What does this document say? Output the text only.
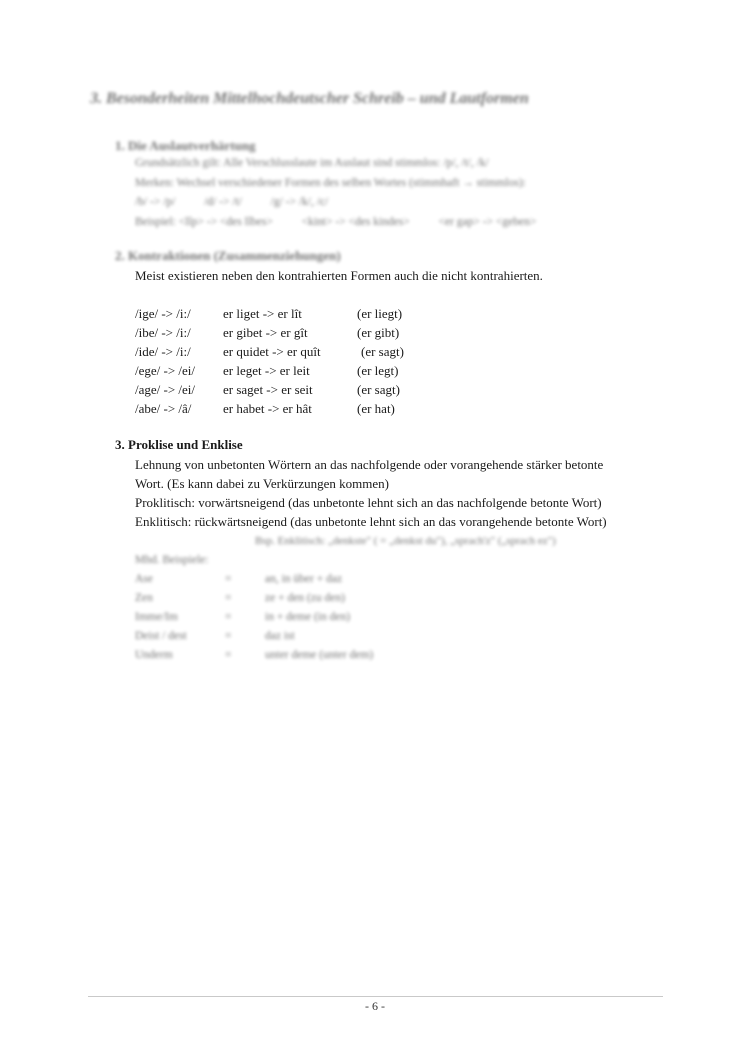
3. Besonderheiten Mittelhochdeutscher Schreib – und Lautformen
1. Die Auslautverhärtung
Grundsätzlich gilt: Alle Verschlusslaute im Auslaut sind stimmlos: /p/, /t/, /k/
Merken: Wechsel verschiedener Formen des selben Wortes (stimmhaft → stimmlos):
/b/ -> /p/          /d/ -> /t/          /g/ -> /k/, /c/
Beispiel: <lîp> -> <des lîbes>          <kint> -> <des kindes>          <er gap> -> <geben>
2. Kontraktionen (Zusammenziehungen)
Meist existieren neben den kontrahierten Formen auch die nicht kontrahierten.
/ige/ -> /i:/ er liget -> er lît	(er liegt)
/ibe/ -> /i:/ er gibet -> er gît	(er gibt)
/ide/ -> /i:/ er quidet -> er quît	(er sagt)
/ege/ -> /ei/ er leget -> er leit	(er legt)
/age/ -> /ei/ er saget -> er seit	(er sagt)
/abe/ -> /â/ er habet -> er hât	(er hat)
3. Proklise und Enklise
Lehnung von unbetonten Wörtern an das nachfolgende oder vorangehende stärker betonte
Wort. (Es kann dabei zu Verkürzungen kommen)
Proklitisch: vorwärtsneigend (das unbetonte lehnt sich an das nachfolgende betonte Wort)
Enklitisch: rückwärtsneigend (das unbetonte lehnt sich an das vorangehende betonte Wort)
Bsp. Enklitisch: „denkste" ( = „denkst du"), „sprach'z" („sprach ez")
Mhd. Beispiele:
Ase	=	an, in über + daz
Zen	=	ze + den (zu den)
Imme/Im	=	in + deme (in den)
Deist / dest	=	daz ist
Underm	=	unter deme (unter dem)
- 6 -
